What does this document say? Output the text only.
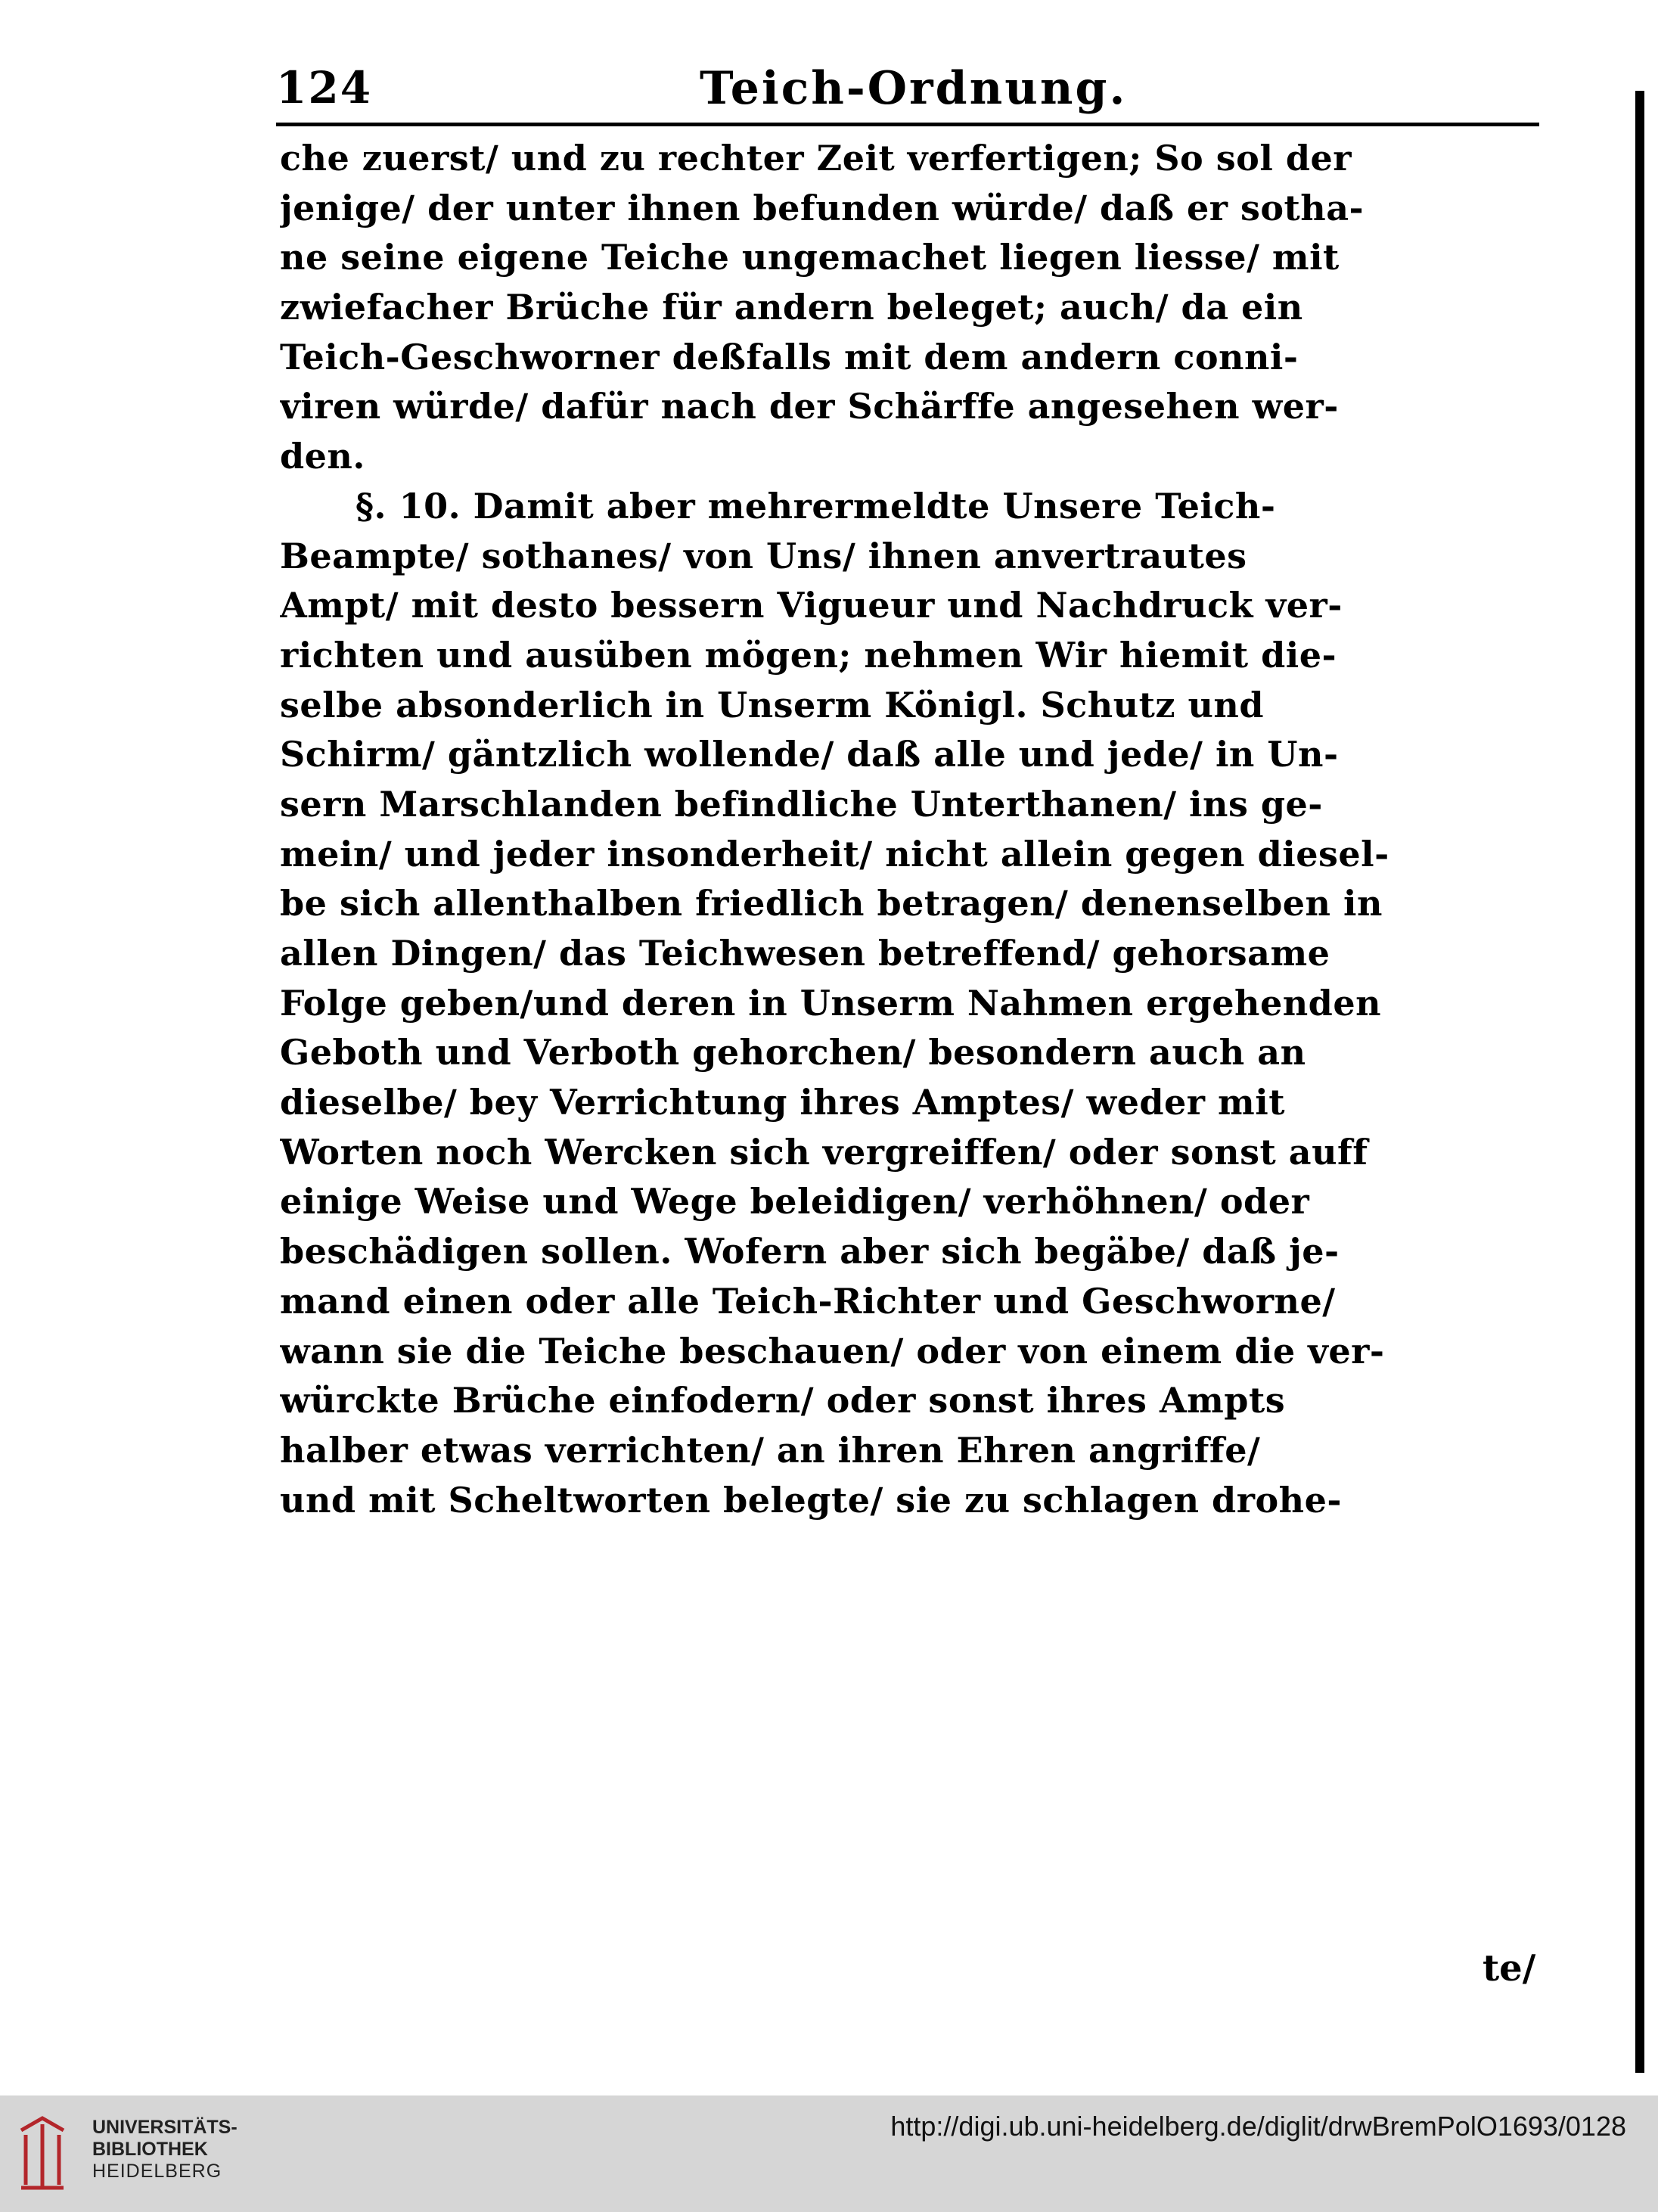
124	Teich-Ordnung.
che zuerst/ und zu rechter Zeit verfertigen; So sol der
jenige/ der unter ihnen befunden würde/ daß er sotha-
ne seine eigene Teiche ungemachet liegen liesse/ mit
zwiefacher Brüche für andern beleget; auch/ da ein
Teich-Geschworner deßfalls mit dem andern conni-
viren würde/ dafür nach der Schärffe angesehen wer-
den.
§. 10. Damit aber mehrermeldte Unsere Teich-
Beampte/ sothanes/ von Uns/ ihnen anvertrautes
Ampt/ mit desto bessern Vigueur und Nachdruck ver-
richten und ausüben mögen; nehmen Wir hiemit die-
selbe absonderlich in Unserm Königl. Schutz und
Schirm/ gäntzlich wollende/ daß alle und jede/ in Un-
sern Marschlanden befindliche Unterthanen/ ins ge-
mein/ und jeder insonderheit/ nicht allein gegen diesel-
be sich allenthalben friedlich betragen/ denenselben in
allen Dingen/ das Teichwesen betreffend/ gehorsame
Folge geben/und deren in Unserm Nahmen ergehenden
Geboth und Verboth gehorchen/ besondern auch an
dieselbe/ bey Verrichtung ihres Amptes/ weder mit
Worten noch Wercken sich vergreiffen/ oder sonst auff
einige Weise und Wege beleidigen/ verhöhnen/ oder
beschädigen sollen. Wofern aber sich begäbe/ daß je-
mand einen oder alle Teich-Richter und Geschworne/
wann sie die Teiche beschauen/ oder von einem die ver-
würckte Brüche einfodern/ oder sonst ihres Ampts
halber etwas verrichten/ an ihren Ehren angriffe/
und mit Scheltworten belegte/ sie zu schlagen drohe-
te/
UNIVERSITÄTS-
BIBLIOTHEK
HEIDELBERG
http://digi.ub.uni-heidelberg.de/diglit/drwBremPolO1693/0128
